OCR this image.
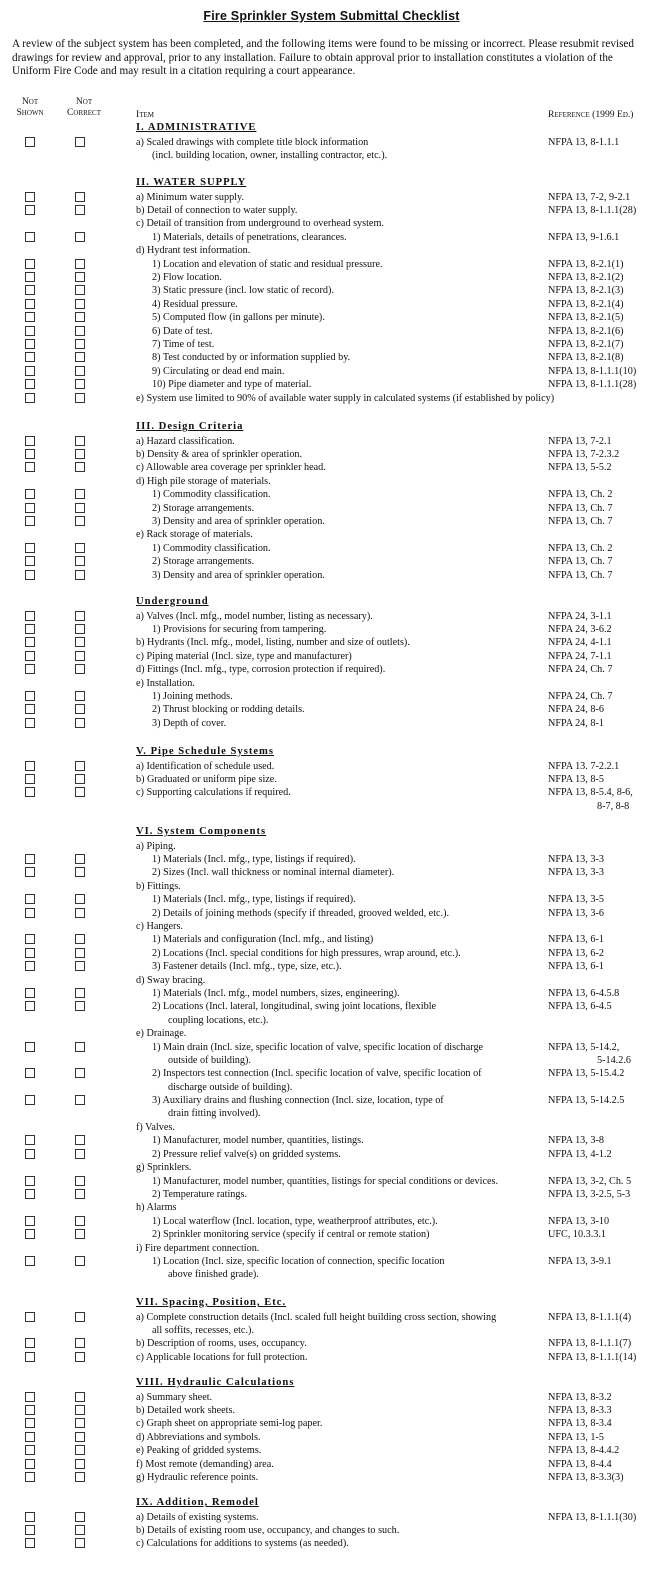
Fire Sprinkler System Submittal Checklist
A review of the subject system has been completed, and the following items were found to be missing or incorrect. Please resubmit revised drawings for review and approval, prior to any installation. Failure to obtain approval prior to installation constitutes a violation of the Uniform Fire Code and may result in a citation requiring a court appearance.
Not Shown
Not Correct	Item	Reference (1999 Ed.)
I. ADMINISTRATIVE
a) Scaled drawings with complete title block information
(incl. building location, owner, installing contractor, etc.).
NFPA 13, 8-1.1.1
II. WATER SUPPLY
a) Minimum water supply.	NFPA 13, 7-2, 9-2.1
b) Detail of connection to water supply.	NFPA 13, 8-1.1.1(28)
c) Detail of transition from underground to overhead system.
1) Materials, details of penetrations, clearances.	NFPA 13, 9-1.6.1
d) Hydrant test information.
1) Location and elevation of static and residual pressure.	NFPA 13, 8-2.1(1)
2) Flow location.	NFPA 13, 8-2.1(2)
3) Static pressure (incl. low static of record).	NFPA 13, 8-2.1(3)
4) Residual pressure.	NFPA 13, 8-2.1(4)
5) Computed flow (in gallons per minute).	NFPA 13, 8-2.1(5)
6) Date of test.	NFPA 13, 8-2.1(6)
7) Time of test.	NFPA 13, 8-2.1(7)
8) Test conducted by or information supplied by.	NFPA 13, 8-2.1(8)
9) Circulating or dead end main.	NFPA 13, 8-1.1.1(10)
10) Pipe diameter and type of material.	NFPA 13, 8-1.1.1(28)
e) System use limited to 90% of available water supply in calculated systems (if established by policy)
III. Design Criteria
a) Hazard classification.	NFPA 13, 7-2.1
b) Density & area of sprinkler operation.	NFPA 13, 7-2.3.2
c) Allowable area coverage per sprinkler head.	NFPA 13, 5-5.2
d) High pile storage of materials.
1) Commodity classification.	NFPA 13, Ch. 2
2) Storage arrangements.	NFPA 13, Ch. 7
3) Density and area of sprinkler operation.	NFPA 13, Ch. 7
e) Rack storage of materials.
1) Commodity classification.	NFPA 13, Ch. 2
2) Storage arrangements.	NFPA 13, Ch. 7
3) Density and area of sprinkler operation.	NFPA 13, Ch. 7
Underground
a) Valves (Incl. mfg., model number, listing as necessary).	NFPA 24, 3-1.1
1) Provisions for securing from tampering.	NFPA 24, 3-6.2
b) Hydrants (Incl. mfg., model, listing, number and size of outlets).	NFPA 24, 4-1.1
c) Piping material (Incl. size, type and manufacturer)	NFPA 24, 7-1.1
d) Fittings (Incl. mfg., type, corrosion protection if required).	NFPA 24, Ch. 7
e) Installation.
1) Joining methods.	NFPA 24, Ch. 7
2) Thrust blocking or rodding details.	NFPA 24, 8-6
3) Depth of cover.	NFPA 24, 8-1
V. Pipe Schedule Systems
a) Identification of schedule used.	NFPA 13. 7-2.2.1
b) Graduated or uniform pipe size.	NFPA 13, 8-5
c) Supporting calculations if required.	NFPA 13, 8-5.4, 8-6,
8-7, 8-8
VI. System Components
a) Piping.
1) Materials (Incl. mfg., type, listings if required).	NFPA 13, 3-3
2) Sizes (Incl. wall thickness or nominal internal diameter).	NFPA 13, 3-3
b) Fittings.
1) Materials (Incl. mfg., type, listings if required).	NFPA 13, 3-5
2) Details of joining methods (specify if threaded, grooved welded, etc.).	NFPA 13, 3-6
c) Hangers.
1) Materials and configuration (Incl. mfg., and listing)	NFPA 13, 6-1
2) Locations (Incl. special conditions for high pressures, wrap around, etc.).	NFPA 13, 6-2
3) Fastener details (Incl. mfg., type, size, etc.).	NFPA 13, 6-1
d) Sway bracing.
1) Materials (Incl. mfg., model numbers, sizes, engineering).	NFPA 13, 6-4.5.8
2) Locations (Incl. lateral, longitudinal, swing joint locations, flexible
coupling locations, etc.).
NFPA 13, 6-4.5
e) Drainage.
1) Main drain (Incl. size, specific location of valve, specific location of discharge
outside of building).
NFPA 13, 5-14.2,
5-14.2.6
2) Inspectors test connection (Incl. specific location of valve, specific location of
discharge outside of building).
NFPA 13, 5-15.4.2
3) Auxiliary drains and flushing connection (Incl. size, location, type of
drain fitting involved).
NFPA 13, 5-14.2.5
f) Valves.
1) Manufacturer, model number, quantities, listings.	NFPA 13, 3-8
2) Pressure relief valve(s) on gridded systems.	NFPA 13, 4-1.2
g) Sprinklers.
1) Manufacturer, model number, quantities, listings for special conditions or devices.	NFPA 13, 3-2, Ch. 5
2) Temperature ratings.	NFPA 13, 3-2.5, 5-3
h) Alarms
1) Local waterflow (Incl. location, type, weatherproof attributes, etc.).	NFPA 13, 3-10
2) Sprinkler monitoring service (specify if central or remote station)	UFC, 10.3.3.1
i) Fire department connection.
1) Location (Incl. size, specific location of connection, specific location
above finished grade).
NFPA 13, 3-9.1
VII. Spacing, Position, Etc.
a) Complete construction details (Incl. scaled full height building cross section, showing
all soffits, recesses, etc.).
NFPA 13, 8-1.1.1(4)
b) Description of rooms, uses, occupancy.	NFPA 13, 8-1.1.1(7)
c) Applicable locations for full protection.	NFPA 13, 8-1.1.1(14)
VIII. Hydraulic Calculations
a) Summary sheet.	NFPA 13, 8-3.2
b) Detailed work sheets.	NFPA 13, 8-3.3
c) Graph sheet on appropriate semi-log paper.	NFPA 13, 8-3.4
d) Abbreviations and symbols.	NFPA 13, 1-5
e) Peaking of gridded systems.	NFPA 13, 8-4.4.2
f) Most remote (demanding) area.	NFPA 13, 8-4.4
g) Hydraulic reference points.	NFPA 13, 8-3.3(3)
IX. Addition, Remodel
a) Details of existing systems.	NFPA 13, 8-1.1.1(30)
b) Details of existing room use, occupancy, and changes to such.
c) Calculations for additions to systems (as needed).
